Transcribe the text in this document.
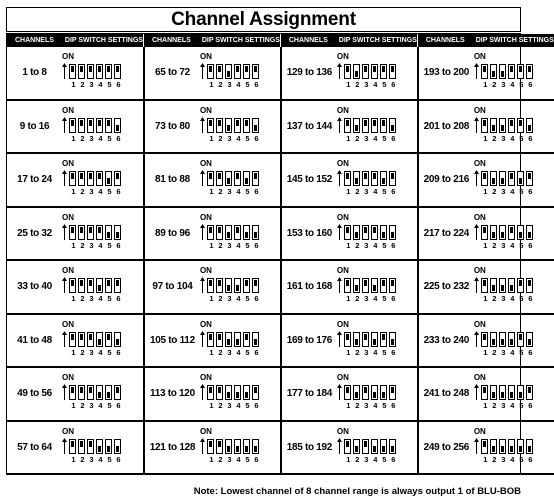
Channel Assignment
CHANNELS DIP SWITCH SETTINGS CHANNELS DIP SWITCH SETTINGS CHANNELS DIP SWITCH SETTINGS CHANNELS DIP SWITCH SETTINGS
1 to 8
ON
1 2 3 4 5 6
65 to 72
ON
1 2 3 4 5 6
129 to 136
ON
1 2 3 4 5 6
193 to 200
ON
1 2 3 4 5 6
9 to 16
ON
1 2 3 4 5 6
73 to 80
ON
1 2 3 4 5 6
137 to 144
ON
1 2 3 4 5 6
201 to 208
ON
1 2 3 4 5 6
17 to 24
ON
1 2 3 4 5 6
81 to 88
ON
1 2 3 4 5 6
145 to 152
ON
1 2 3 4 5 6
209 to 216
ON
1 2 3 4 5 6
25 to 32
ON
1 2 3 4 5 6
89 to 96
ON
1 2 3 4 5 6
153 to 160
ON
1 2 3 4 5 6
217 to 224
ON
1 2 3 4 5 6
33 to 40
ON
1 2 3 4 5 6
97 to 104
ON
1 2 3 4 5 6
161 to 168
ON
1 2 3 4 5 6
225 to 232
ON
1 2 3 4 5 6
41 to 48
ON
1 2 3 4 5 6
105 to 112
ON
1 2 3 4 5 6
169 to 176
ON
1 2 3 4 5 6
233 to 240
ON
1 2 3 4 5 6
49 to 56
ON
1 2 3 4 5 6
113 to 120
ON
1 2 3 4 5 6
177 to 184
ON
1 2 3 4 5 6
241 to 248
ON
1 2 3 4 5 6
57 to 64
ON
1 2 3 4 5 6
121 to 128
ON
1 2 3 4 5 6
185 to 192
ON
1 2 3 4 5 6
249 to 256
ON
1 2 3 4 5 6
Note: Lowest channel of 8 channel range is always output 1 of BLU-BOB
